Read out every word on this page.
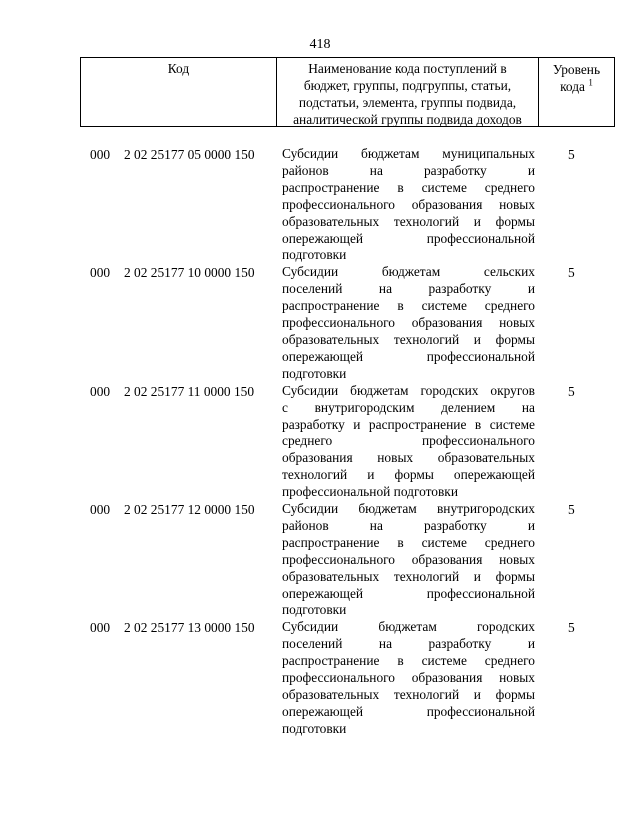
418
Код	Наименование кода поступлений в
бюджет, группы, подгруппы, статьи,
подстатьи, элемента, группы подвида,
аналитической группы подвида доходов
Уровень
кода $^1$
000 2 02 25177 05 0000 150 Субсидии бюджетам муниципальных
районов на разработку и
распространение в системе среднего
профессионального образования новых
образовательных технологий и формы
опережающей профессиональной
подготовки
5
000 2 02 25177 10 0000 150 Субсидии бюджетам сельских
поселений на разработку и
распространение в системе среднего
профессионального образования новых
образовательных технологий и формы
опережающей профессиональной
подготовки
5
000 2 02 25177 11 0000 150 Субсидии бюджетам городских округов
с внутригородским делением на
разработку и распространение в системе
среднего профессионального
образования новых образовательных
технологий и формы опережающей
профессиональной подготовки
5
000 2 02 25177 12 0000 150 Субсидии бюджетам внутригородских
районов на разработку и
распространение в системе среднего
профессионального образования новых
образовательных технологий и формы
опережающей профессиональной
подготовки
5
000 2 02 25177 13 0000 150 Субсидии бюджетам городских
поселений на разработку и
распространение в системе среднего
профессионального образования новых
образовательных технологий и формы
опережающей профессиональной
подготовки
5
